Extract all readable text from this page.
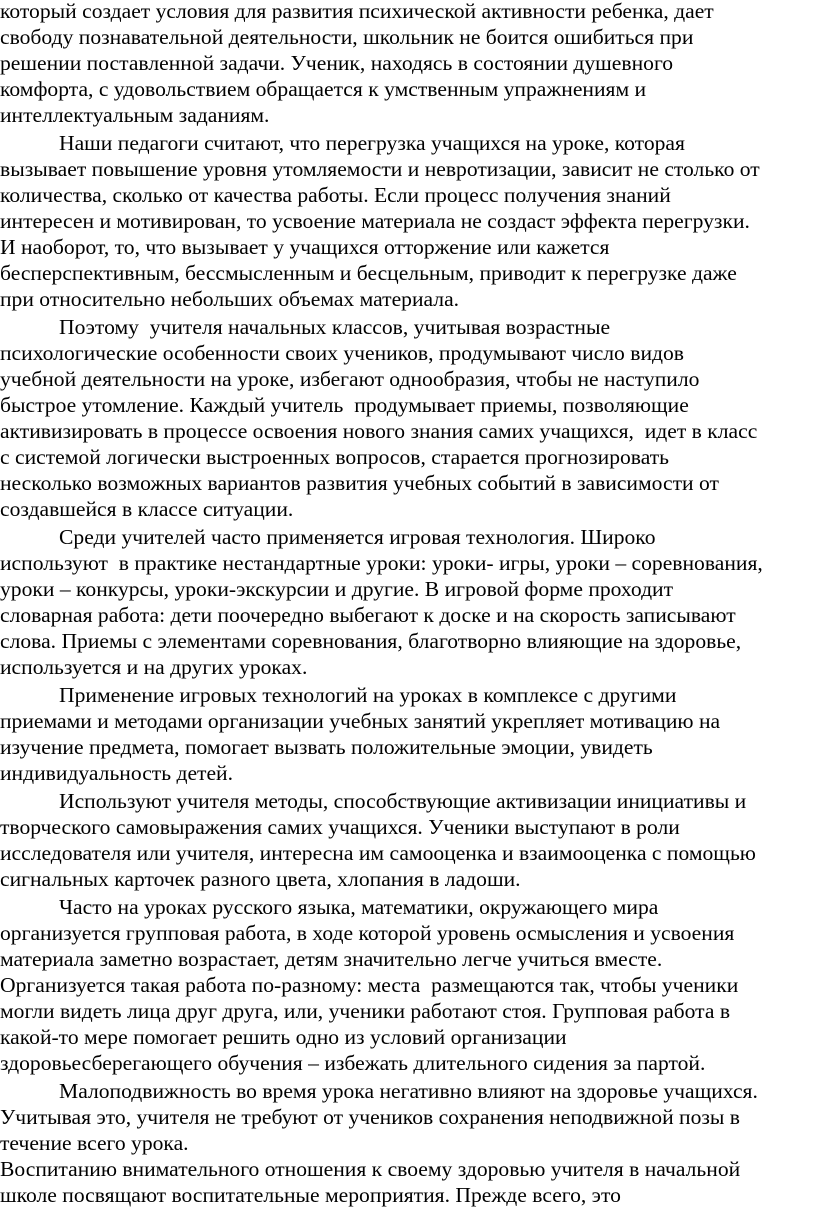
который создает условия для развития психической активности ребенка, дает
свободу познавательной деятельности, школьник не боится ошибиться при
решении поставленной задачи. Ученик, находясь в состоянии душевного
комфорта, с удовольствием обращается к умственным упражнениям и
интеллектуальным заданиям.
Наши педагоги считают, что перегрузка учащихся на уроке, которая
вызывает повышение уровня утомляемости и невротизации, зависит не столько от
количества, сколько от качества работы. Если процесс получения знаний
интересен и мотивирован, то усвоение материала не создаст эффекта перегрузки.
И наоборот, то, что вызывает у учащихся отторжение или кажется
бесперспективным, бессмысленным и бесцельным, приводит к перегрузке даже
при относительно небольших объемах материала.
Поэтому  учителя начальных классов, учитывая возрастные
психологические особенности своих учеников, продумывают число видов
учебной деятельности на уроке, избегают однообразия, чтобы не наступило
быстрое утомление. Каждый учитель  продумывает приемы, позволяющие
активизировать в процессе освоения нового знания самих учащихся,  идет в класс
с системой логически выстроенных вопросов, старается прогнозировать
несколько возможных вариантов развития учебных событий в зависимости от
создавшейся в классе ситуации.
Среди учителей часто применяется игровая технология. Широко
используют  в практике нестандартные уроки: уроки- игры, уроки – соревнования,
уроки – конкурсы, уроки-экскурсии и другие. В игровой форме проходит
словарная работа: дети поочередно выбегают к доске и на скорость записывают
слова. Приемы с элементами соревнования, благотворно влияющие на здоровье,
используется и на других уроках.
Применение игровых технологий на уроках в комплексе с другими
приемами и методами организации учебных занятий укрепляет мотивацию на
изучение предмета, помогает вызвать положительные эмоции, увидеть
индивидуальность детей.
Используют учителя методы, способствующие активизации инициативы и
творческого самовыражения самих учащихся. Ученики выступают в роли
исследователя или учителя, интересна им самооценка и взаимооценка с помощью
сигнальных карточек разного цвета, хлопания в ладоши.
Часто на уроках русского языка, математики, окружающего мира
организуется групповая работа, в ходе которой уровень осмысления и усвоения
материала заметно возрастает, детям значительно легче учиться вместе.
Организуется такая работа по-разному: места  размещаются так, чтобы ученики
могли видеть лица друг друга, или, ученики работают стоя. Групповая работа в
какой-то мере помогает решить одно из условий организации
здоровьесберегающего обучения – избежать длительного сидения за партой.
Малоподвижность во время урока негативно влияют на здоровье учащихся.
Учитывая это, учителя не требуют от учеников сохранения неподвижной позы в
течение всего урока.
Воспитанию внимательного отношения к своему здоровью учителя в начальной
школе посвящают воспитательные мероприятия. Прежде всего, это
